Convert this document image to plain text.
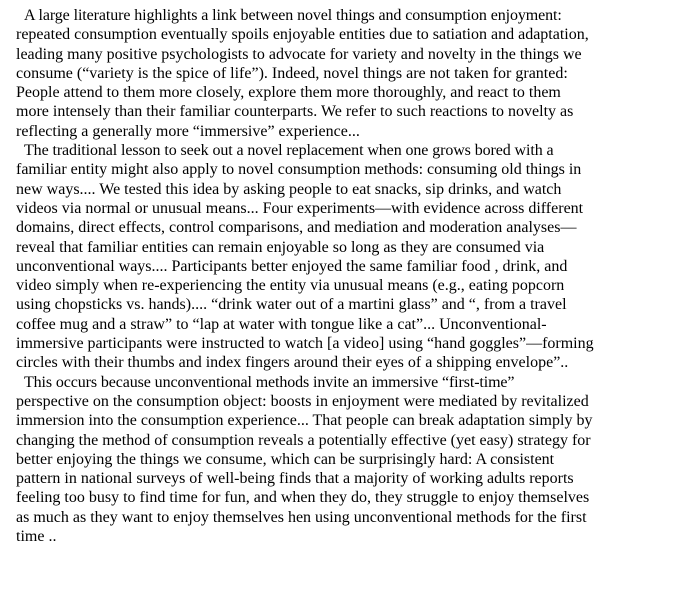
A large literature highlights a link between novel things and consumption enjoyment:
repeated consumption eventually spoils enjoyable entities due to satiation and adaptation,
leading many positive psychologists to advocate for variety and novelty in the things we
consume (“variety is the spice of life”). Indeed, novel things are not taken for granted:
People attend to them more closely, explore them more thoroughly, and react to them
more intensely than their familiar counterparts. We refer to such reactions to novelty as
reflecting a generally more “immersive” experience...
The traditional lesson to seek out a novel replacement when one grows bored with a
familiar entity might also apply to novel consumption methods: consuming old things in
new ways.... We tested this idea by asking people to eat snacks, sip drinks, and watch
videos via normal or unusual means... Four experiments—with evidence across different
domains, direct effects, control comparisons, and mediation and moderation analyses—
reveal that familiar entities can remain enjoyable so long as they are consumed via
unconventional ways.... Participants better enjoyed the same familiar food , drink, and
video simply when re-experiencing the entity via unusual means (e.g., eating popcorn
using chopsticks vs. hands).... “drink water out of a martini glass” and “, from a travel
coffee mug and a straw” to “lap at water with tongue like a cat”... Unconventional-
immersive participants were instructed to watch [a video] using “hand goggles”—forming
circles with their thumbs and index fingers around their eyes of a shipping envelope”..
This occurs because unconventional methods invite an immersive “first-time”
perspective on the consumption object: boosts in enjoyment were mediated by revitalized
immersion into the consumption experience... That people can break adaptation simply by
changing the method of consumption reveals a potentially effective (yet easy) strategy for
better enjoying the things we consume, which can be surprisingly hard: A consistent
pattern in national surveys of well-being finds that a majority of working adults reports
feeling too busy to find time for fun, and when they do, they struggle to enjoy themselves
as much as they want to enjoy themselves hen using unconventional methods for the first
time ..
